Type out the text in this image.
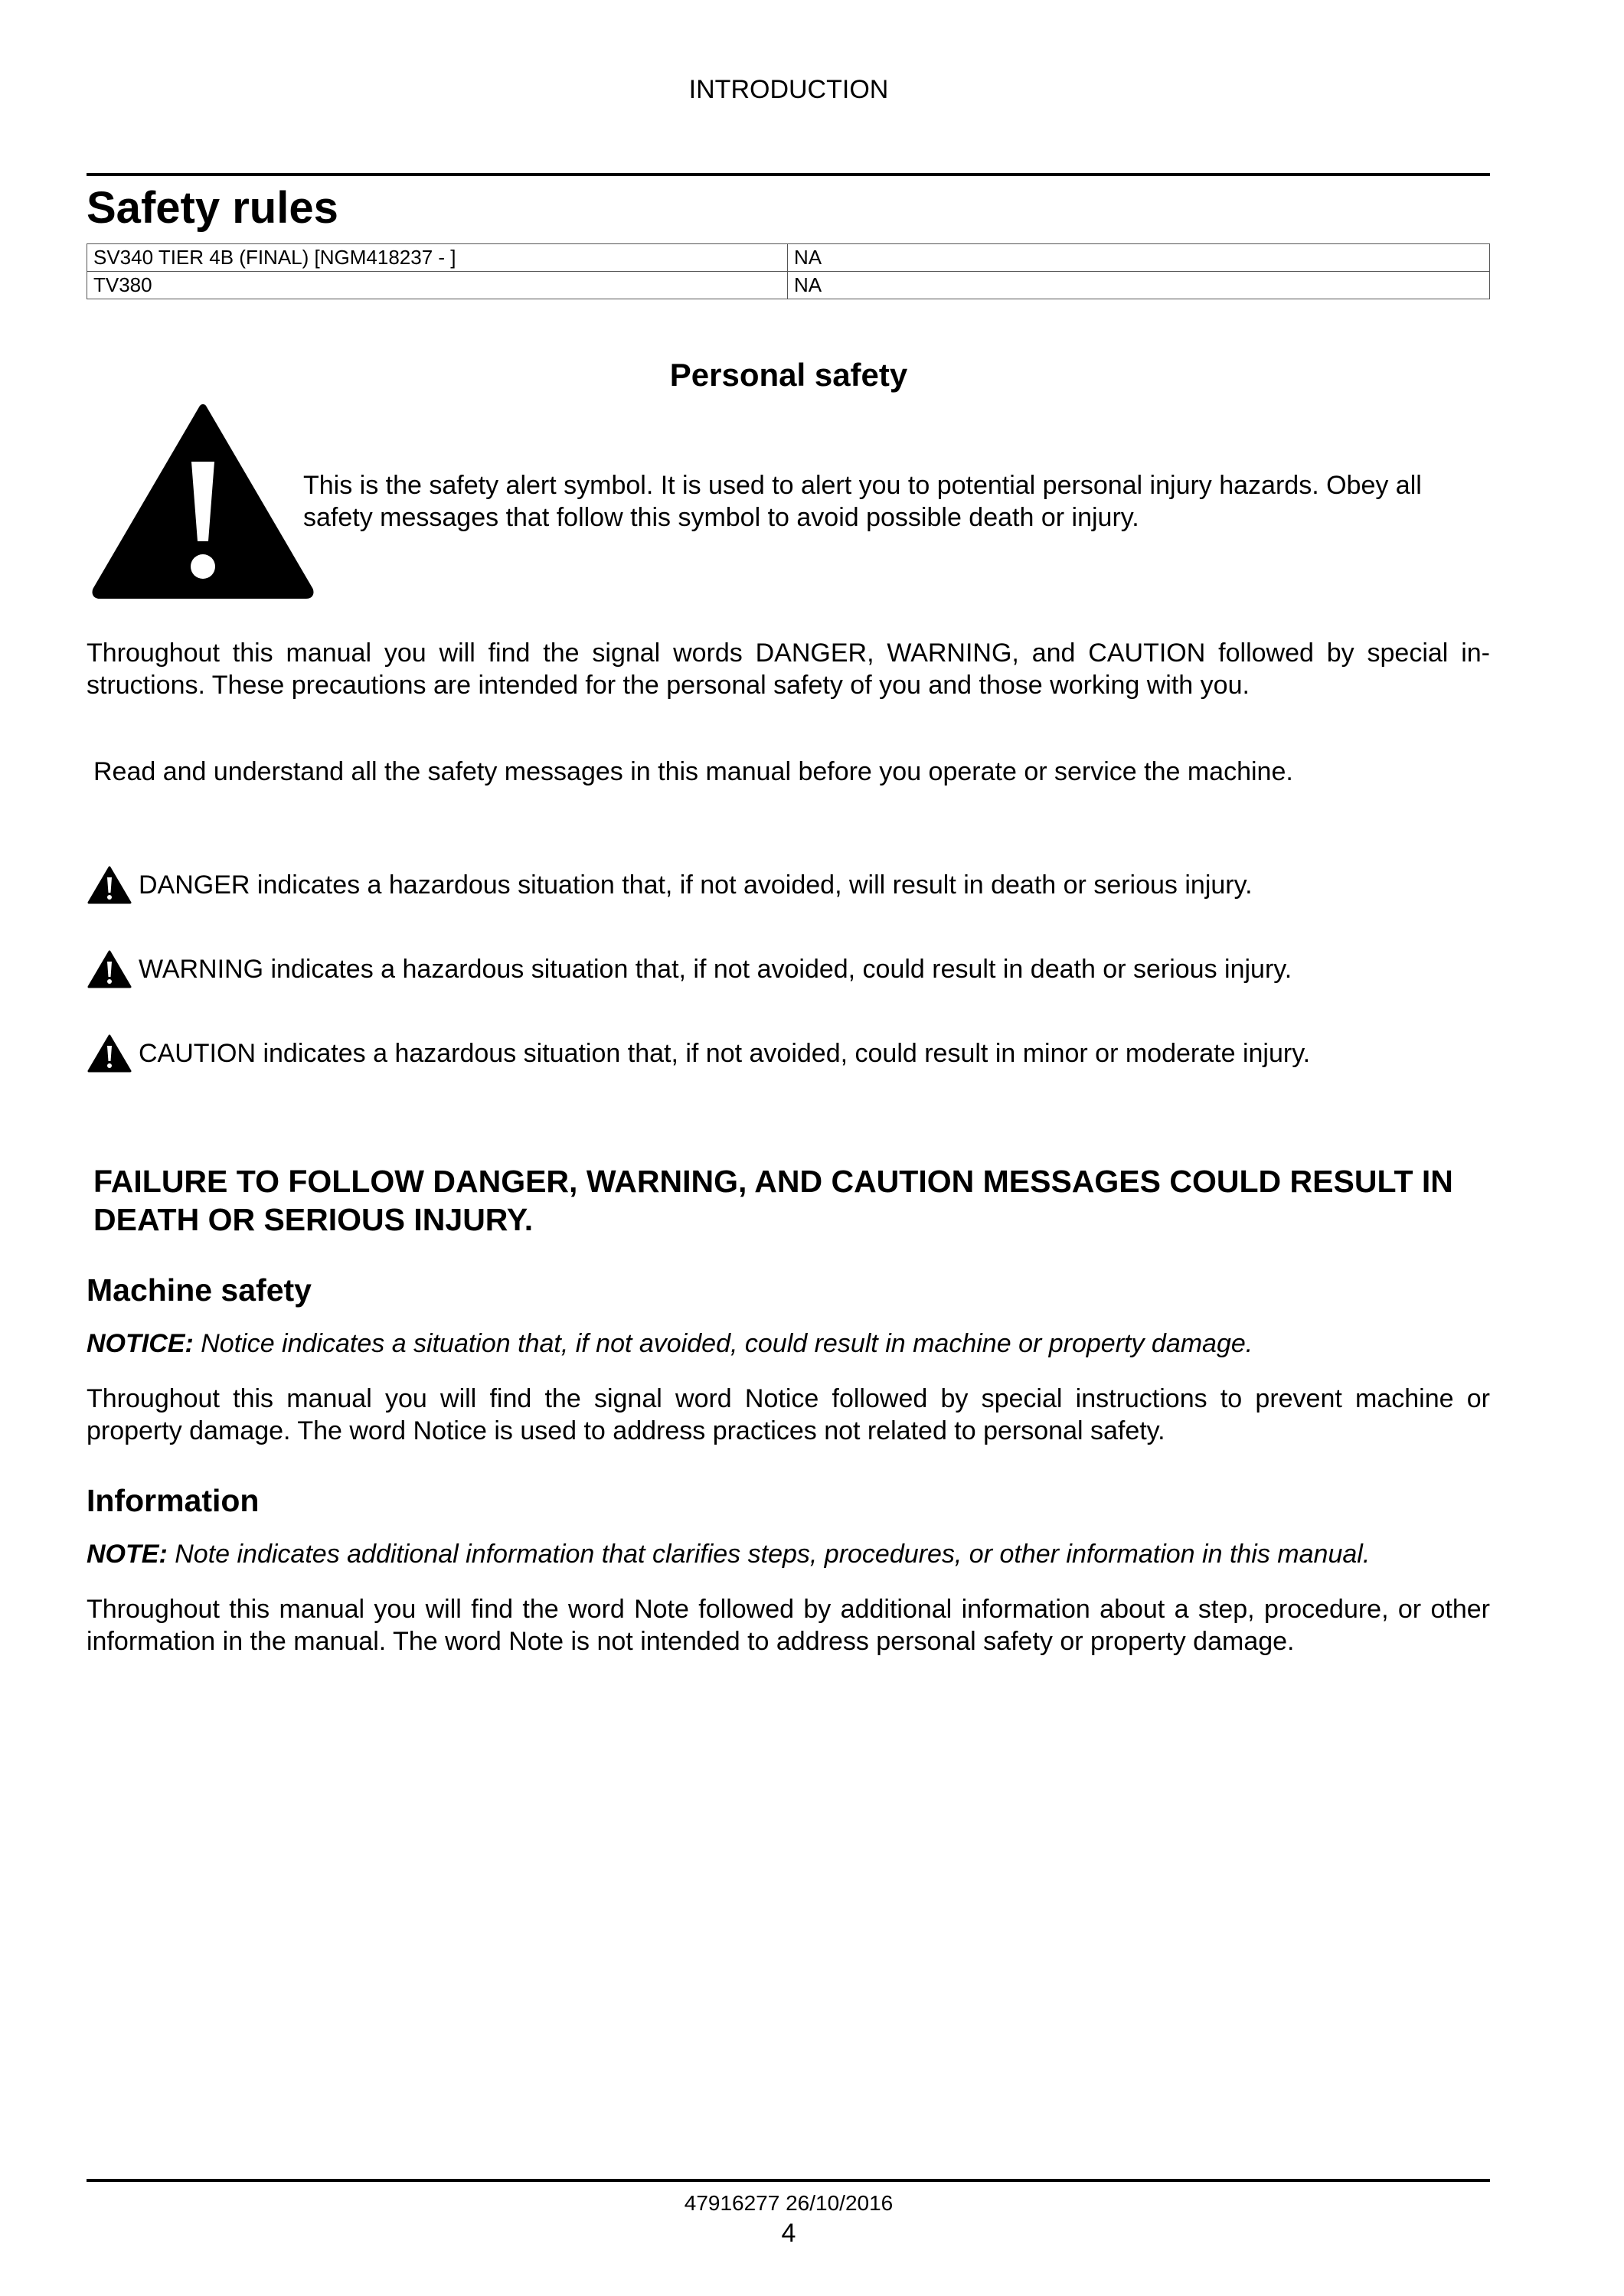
INTRODUCTION
Safety rules
SV340 TIER 4B (FINAL) [NGM418237 - ]	NA
TV380	NA
Personal safety
This is the safety alert symbol. It is used to alert you to potential personal injury hazards. Obey all safety messages that follow this symbol to avoid possible death or injury.
Throughout this manual you will find the signal words DANGER, WARNING, and CAUTION followed by special instructions. These precautions are intended for the personal safety of you and those working with you.
Read and understand all the safety messages in this manual before you operate or service the machine.
DANGER indicates a hazardous situation that, if not avoided, will result in death or serious injury.
WARNING indicates a hazardous situation that, if not avoided, could result in death or serious injury.
CAUTION indicates a hazardous situation that, if not avoided, could result in minor or moderate injury.
FAILURE TO FOLLOW DANGER, WARNING, AND CAUTION MESSAGES COULD RESULT IN DEATH OR SERIOUS INJURY.
Machine safety
NOTICE: Notice indicates a situation that, if not avoided, could result in machine or property damage.
Throughout this manual you will find the signal word Notice followed by special instructions to prevent machine or property damage. The word Notice is used to address practices not related to personal safety.
Information
NOTE: Note indicates additional information that clarifies steps, procedures, or other information in this manual.
Throughout this manual you will find the word Note followed by additional information about a step, procedure, or other information in the manual. The word Note is not intended to address personal safety or property damage.
47916277 26/10/2016
4
